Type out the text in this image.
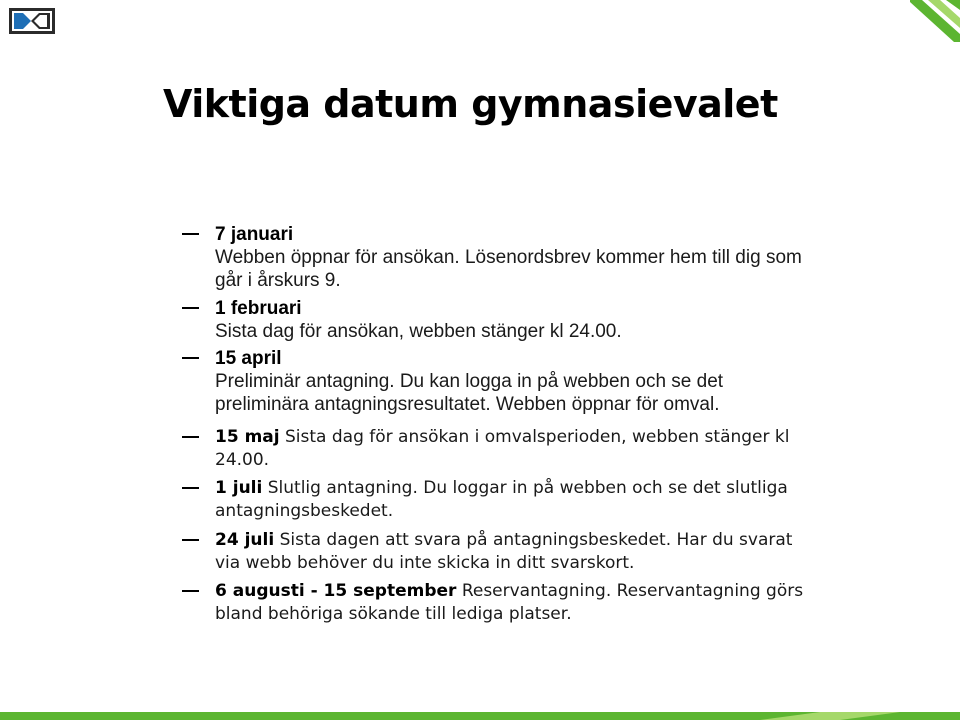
Viktiga datum gymnasievalet
7 januari
Webben öppnar för ansökan. Lösenordsbrev kommer hem till dig som går i årskurs 9.
1 februari
Sista dag för ansökan, webben stänger kl 24.00.
15 april
Preliminär antagning. Du kan logga in på webben och se det preliminära antagningsresultatet. Webben öppnar för omval.
15 maj Sista dag för ansökan i omvalsperioden, webben stänger kl 24.00.
1 juli Slutlig antagning. Du loggar in på webben och se det slutliga antagningsbeskedet.
24 juli Sista dagen att svara på antagningsbeskedet. Har du svarat via webb behöver du inte skicka in ditt svarskort.
6 augusti - 15 september Reservantagning. Reservantagning görs bland behöriga sökande till lediga platser.
